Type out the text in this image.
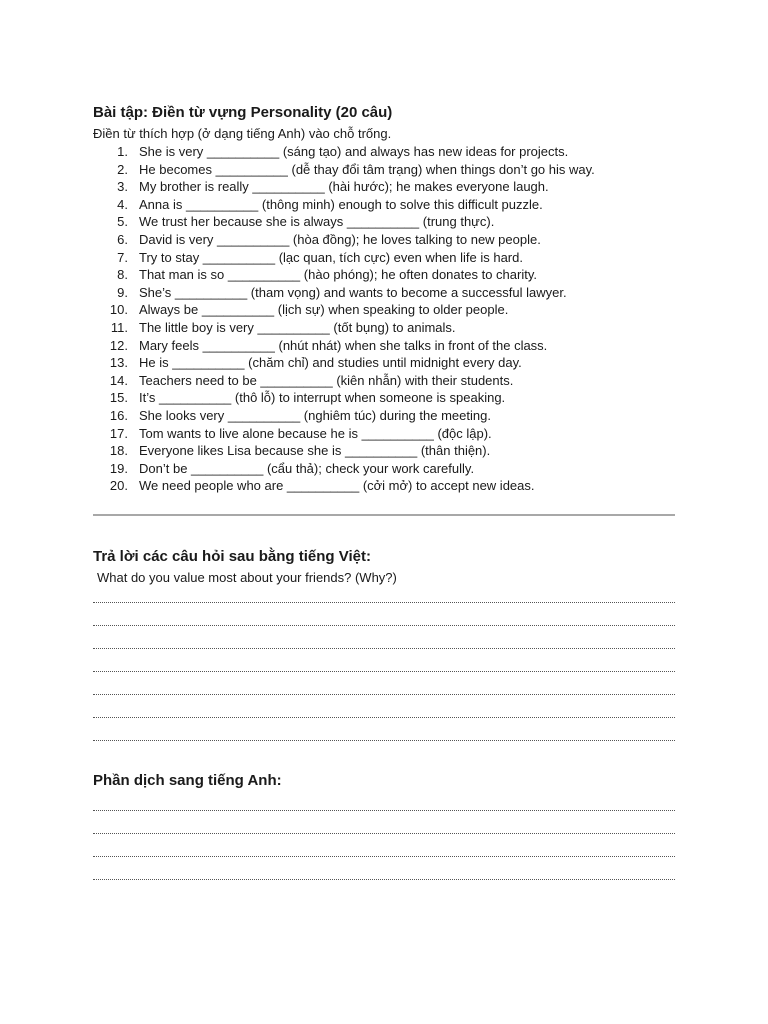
Bài tập: Điền từ vựng Personality (20 câu)
Điền từ thích hợp (ở dạng tiếng Anh) vào chỗ trống.
1. She is very __________ (sáng tạo) and always has new ideas for projects.
2. He becomes __________ (dễ thay đổi tâm trạng) when things don’t go his way.
3. My brother is really __________ (hài hước); he makes everyone laugh.
4. Anna is __________ (thông minh) enough to solve this difficult puzzle.
5. We trust her because she is always __________ (trung thực).
6. David is very __________ (hòa đồng); he loves talking to new people.
7. Try to stay __________ (lạc quan, tích cực) even when life is hard.
8. That man is so __________ (hào phóng); he often donates to charity.
9. She’s __________ (tham vọng) and wants to become a successful lawyer.
10. Always be __________ (lịch sự) when speaking to older people.
11. The little boy is very __________ (tốt bụng) to animals.
12. Mary feels __________ (nhút nhát) when she talks in front of the class.
13. He is __________ (chăm chỉ) and studies until midnight every day.
14. Teachers need to be __________ (kiên nhẫn) with their students.
15. It’s __________ (thô lỗ) to interrupt when someone is speaking.
16. She looks very __________ (nghiêm túc) during the meeting.
17. Tom wants to live alone because he is __________ (độc lập).
18. Everyone likes Lisa because she is __________ (thân thiện).
19. Don’t be __________ (cẩu thả); check your work carefully.
20. We need people who are __________ (cởi mở) to accept new ideas.
Trả lời các câu hỏi sau bằng tiếng Việt:
What do you value most about your friends? (Why?)
Phần dịch sang tiếng Anh:
